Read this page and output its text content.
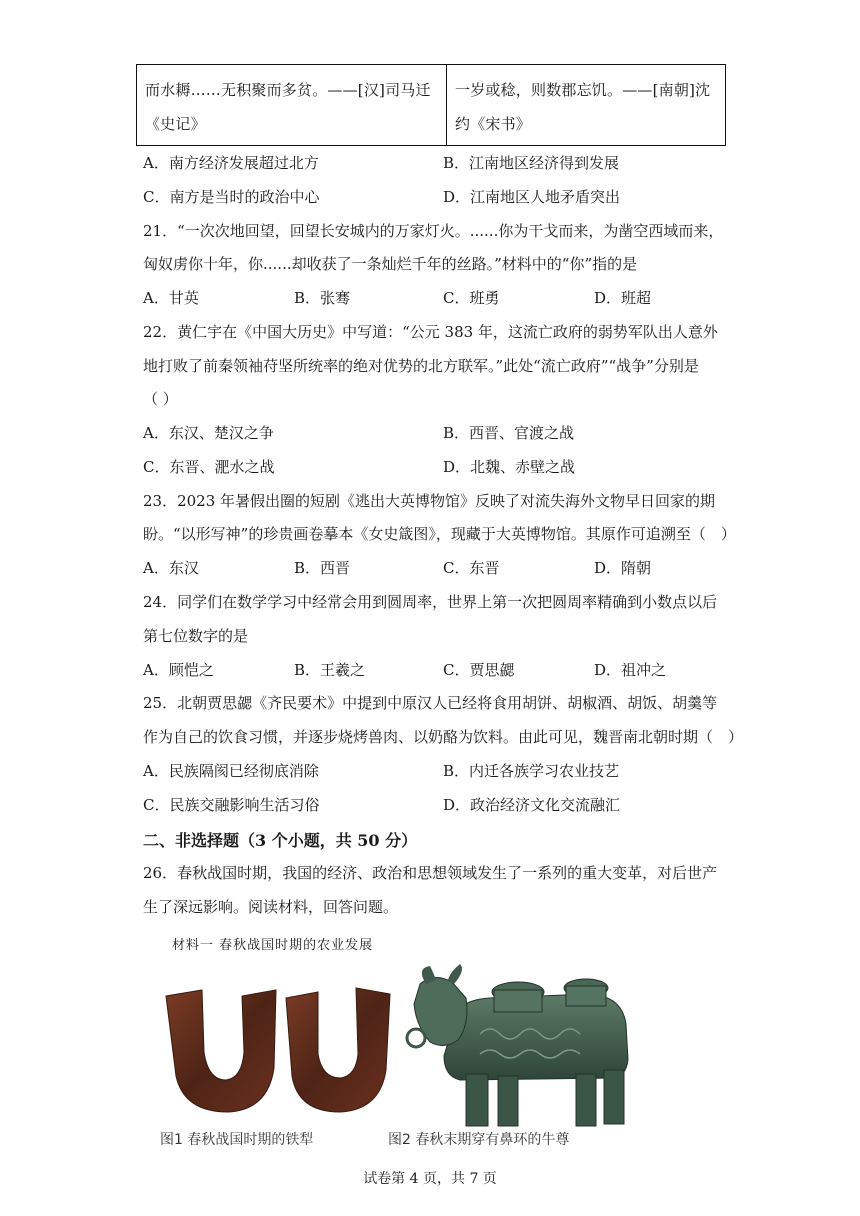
而水耨……无积聚而多贫。——[汉]司马迁《史记》	一岁或稔，则数郡忘饥。——[南朝]沈约《宋书》
A．南方经济发展超过北方	B．江南地区经济得到发展
C．南方是当时的政治中心	D．江南地区人地矛盾突出
21．“一次次地回望，回望长安城内的万家灯火。......你为干戈而来，为凿空西域而来，
匈奴虏你十年，你......却收获了一条灿烂千年的丝路。”材料中的“你”指的是
A．甘英	B．张骞	C．班勇	D．班超
22．黄仁宇在《中国大历史》中写道：“公元 383 年，这流亡政府的弱势军队出人意外
地打败了前秦领袖苻坚所统率的绝对优势的北方联军。”此处“流亡政府”“战争”分别是
（ ）
A．东汉、楚汉之争	B．西晋、官渡之战
C．东晋、淝水之战	D．北魏、赤壁之战
23．2023 年暑假出圈的短剧《逃出大英博物馆》反映了对流失海外文物早日回家的期
盼。“以形写神”的珍贵画卷摹本《女史箴图》，现藏于大英博物馆。其原作可追溯至（　）
A．东汉	B．西晋	C．东晋	D．隋朝
24．同学们在数学学习中经常会用到圆周率，世界上第一次把圆周率精确到小数点以后
第七位数字的是
A．顾恺之	B．王羲之	C．贾思勰	D．祖冲之
25．北朝贾思勰《齐民要术》中提到中原汉人已经将食用胡饼、胡椒酒、胡饭、胡羹等
作为自己的饮食习惯，并逐步烧烤兽肉、以奶酪为饮料。由此可见，魏晋南北朝时期（　）
A．民族隔阂已经彻底消除	B．内迁各族学习农业技艺
C．民族交融影响生活习俗	D．政治经济文化交流融汇
二、非选择题（3 个小题，共 50 分）
26．春秋战国时期，我国的经济、政治和思想领域发生了一系列的重大变革，对后世产
生了深远影响。阅读材料，回答问题。
材料一 春秋战国时期的农业发展
图1 春秋战国时期的铁犁	图2 春秋末期穿有鼻环的牛尊
试卷第 4 页，共 7 页
